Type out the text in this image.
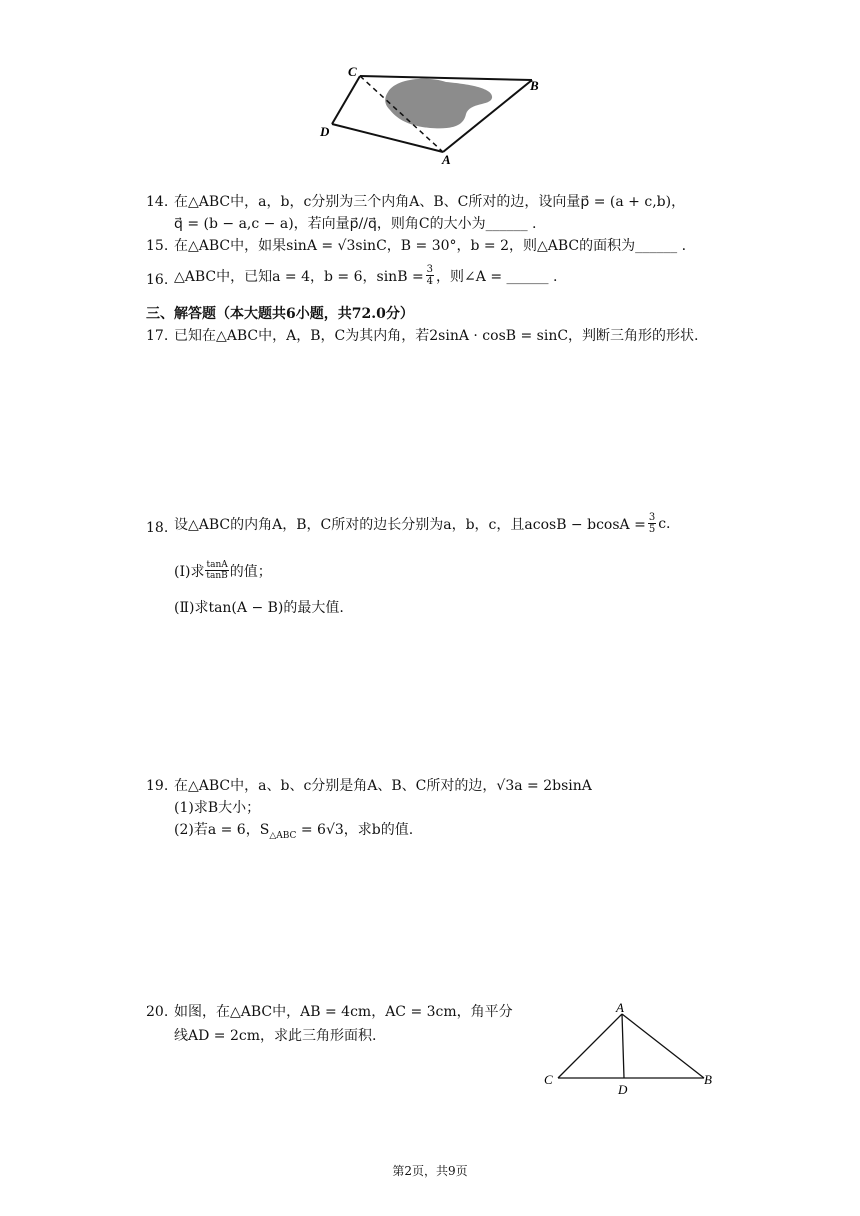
C
B
D
A
14. 在△ABC中，a，b，c分别为三个内角A、B、C所对的边，设向量p⃗ = (a + c,b)，
q⃗ = (b − a,c − a)，若向量p⃗//q⃗，则角C的大小为______ .
15. 在△ABC中，如果sinA = √3sinC，B = 30°，b = 2，则△ABC的面积为______ .
16. △ABC中，已知a = 4，b = 6，$\sin B = \frac{3}{4}$ ，则∠A = ______ .
三、解答题（本大题共6小题，共72.0分）
17. 已知在△ABC中，A，B，C为其内角，若2sinA · cosB = sinC，判断三角形的形状.
18. 设△ABC的内角A，B，C所对的边长分别为a，b，c，且$acosB - bcosA = \frac{3}{5} c$.
(Ⅰ)求 $\frac{\tan A}{\tan B}$ 的值；
(Ⅱ)求tan(A − B)的最大值.
19. 在△ABC中，a、b、c分别是角A、B、C所对的边，√3a = 2bsinA
(1)求B大小；
(2)若a = 6，$S_{\triangle ABC} = 6√3$，求b的值.
20. 如图，在△ABC中，AB = 4cm，AC = 3cm，角平分
线AD = 2cm，求此三角形面积.
A
C
D
B
第2页，共9页
